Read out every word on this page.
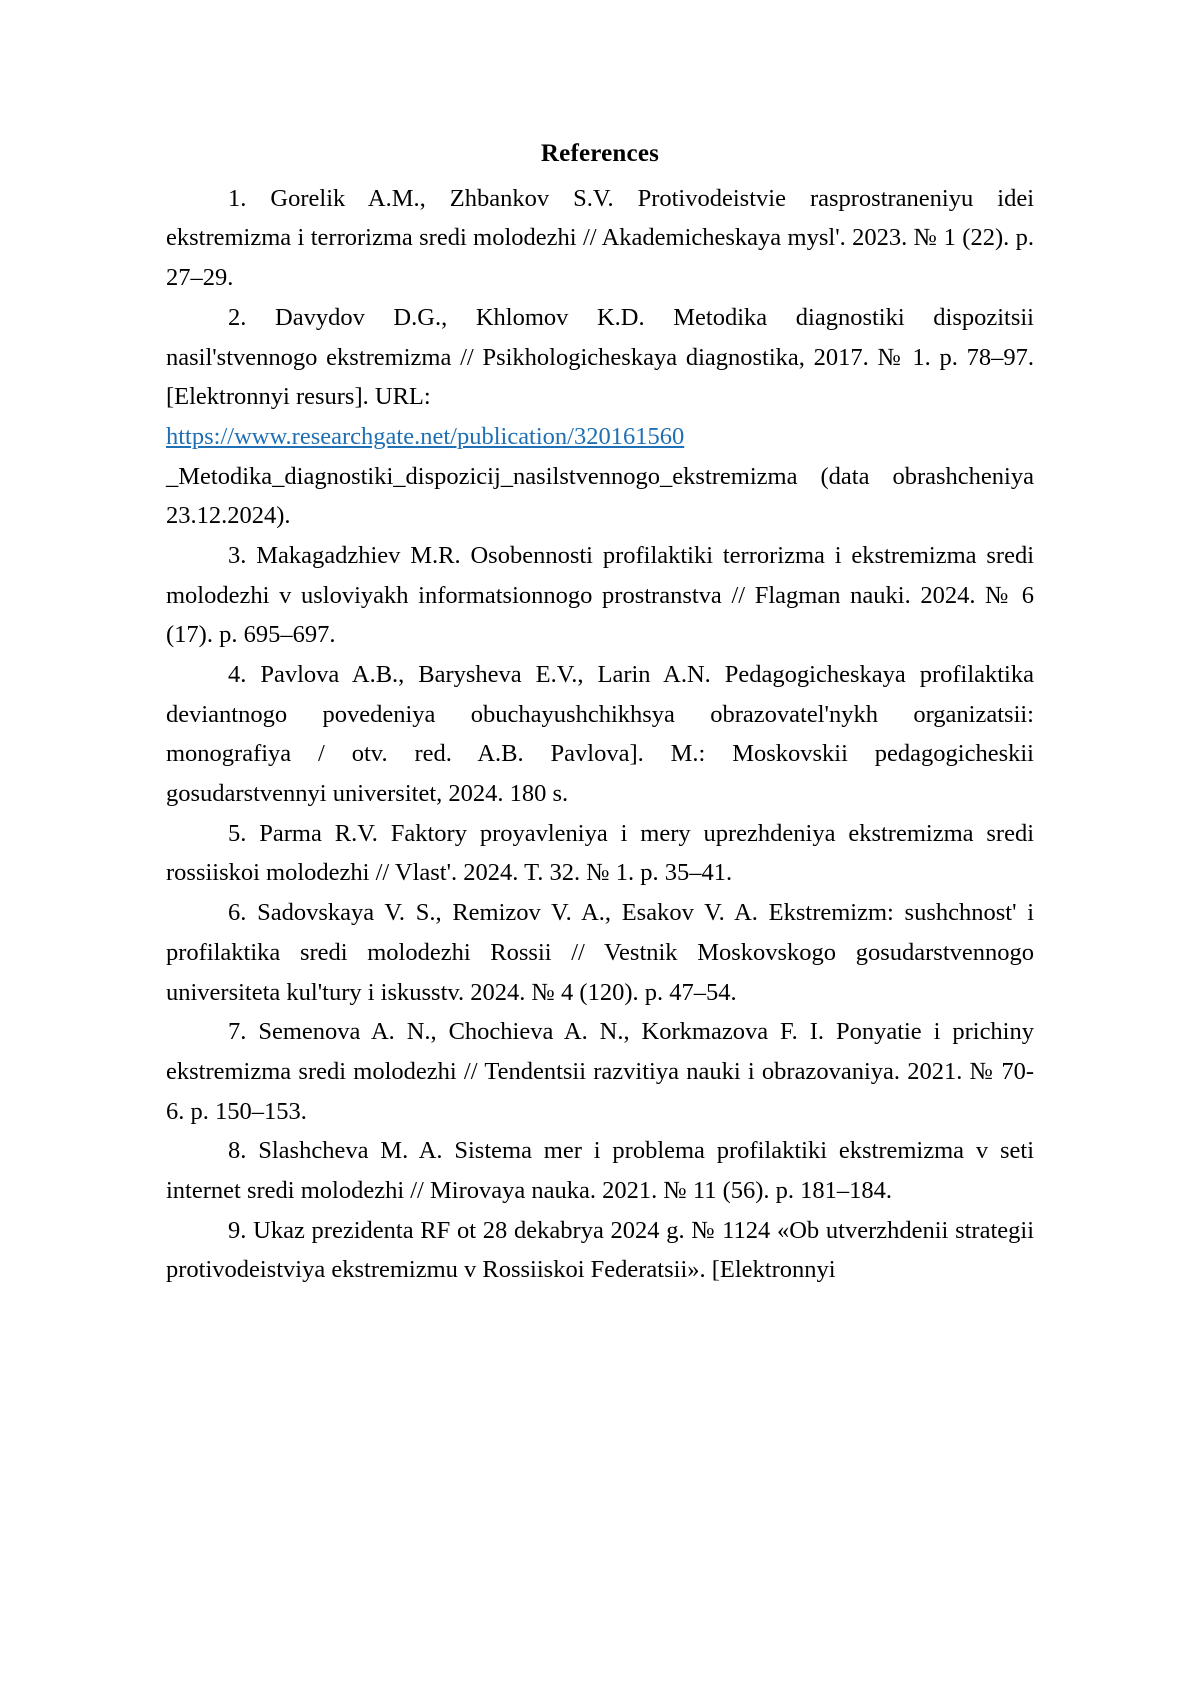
References

1. Gorelik A.M., Zhbankov S.V. Protivodeistvie rasprostraneniyu idei ekstremizma i terrorizma sredi molodezhi // Akademicheskaya mysl'. 2023. № 1 (22). p. 27–29.

2. Davydov D.G., Khlomov K.D. Metodika diagnostiki dispozitsii nasil'stvennogo ekstremizma // Psikhologicheskaya diagnostika, 2017. № 1. p. 78–97. [Elektronnyi resurs]. URL:

https://www.researchgate.net/publication/320161560

_Metodika_diagnostiki_dispozicij_nasilstvennogo_ekstremizma (data obrashcheniya 23.12.2024).

3. Makagadzhiev M.R. Osobennosti profilaktiki terrorizma i ekstremizma sredi molodezhi v usloviyakh informatsionnogo prostranstva // Flagman nauki. 2024. № 6 (17). p. 695–697.

4. Pavlova A.B., Barysheva E.V., Larin A.N. Pedagogicheskaya profilaktika deviantnogo povedeniya obuchayushchikhsya obrazovatel'nykh organizatsii: monografiya / otv. red. A.B. Pavlova]. M.: Moskovskii pedagogicheskii gosudarstvennyi universitet, 2024. 180 s.

5. Parma R.V. Faktory proyavleniya i mery uprezhdeniya ekstremizma sredi rossiiskoi molodezhi // Vlast'. 2024. T. 32. № 1. p. 35–41.

6. Sadovskaya V. S., Remizov V. A., Esakov V. A. Ekstremizm: sushchnost' i profilaktika sredi molodezhi Rossii // Vestnik Moskovskogo gosudarstvennogo universiteta kul'tury i iskusstv. 2024. № 4 (120). p. 47–54.

7. Semenova A. N., Chochieva A. N., Korkmazova F. I. Ponyatie i prichiny ekstremizma sredi molodezhi // Tendentsii razvitiya nauki i obrazovaniya. 2021. № 70-6. p. 150–153.

8. Slashcheva M. A. Sistema mer i problema profilaktiki ekstremizma v seti internet sredi molodezhi // Mirovaya nauka. 2021. № 11 (56). p. 181–184.

9. Ukaz prezidenta RF ot 28 dekabrya 2024 g. № 1124 «Ob utverzhdenii strategii protivodeistviya ekstremizmu v Rossiiskoi Federatsii». [Elektronnyi
